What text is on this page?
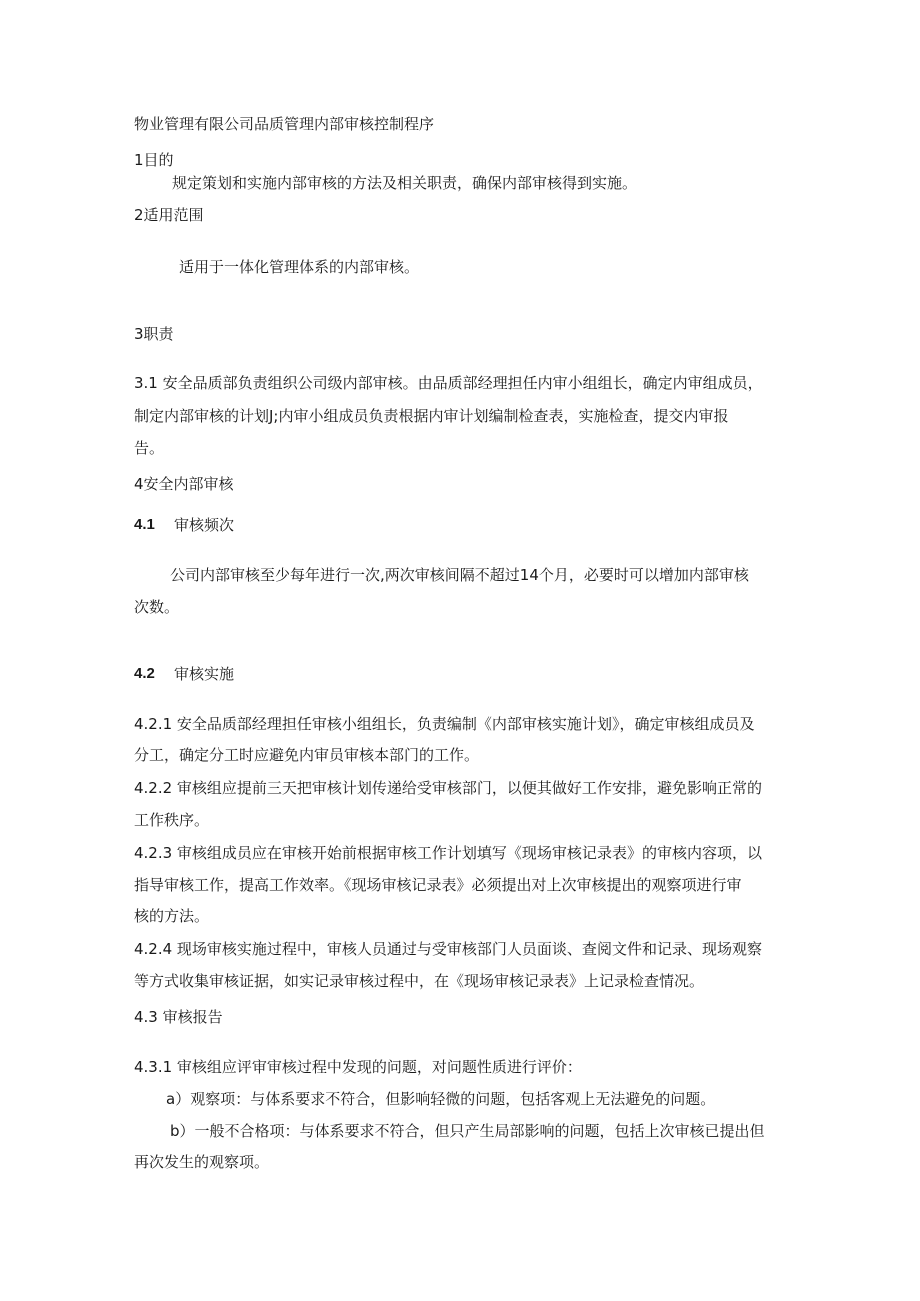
物业管理有限公司品质管理内部审核控制程序
1目的
规定策划和实施内部审核的方法及相关职责，确保内部审核得到实施。
2适用范围
适用于一体化管理体系的内部审核。
3职责
3.1 安全品质部负责组织公司级内部审核。由品质部经理担任内审小组组长，确定内审组成员，
制定内部审核的计划J;内审小组成员负责根据内审计划编制检查表，实施检查，提交内审报
告。
4安全内部审核
4.1 审核频次
公司内部审核至少每年进行一次,两次审核间隔不超过14个月，必要时可以增加内部审核
次数。
4.2 审核实施
4.2.1 安全品质部经理担任审核小组组长，负责编制《内部审核实施计划》，确定审核组成员及
分工，确定分工时应避免内审员审核本部门的工作。
4.2.2 审核组应提前三天把审核计划传递给受审核部门，以便其做好工作安排，避免影响正常的
工作秩序。
4.2.3 审核组成员应在审核开始前根据审核工作计划填写《现场审核记录表》的审核内容项，以
指导审核工作，提高工作效率。《现场审核记录表》必须提出对上次审核提出的观察项进行审
核的方法。
4.2.4 现场审核实施过程中，审核人员通过与受审核部门人员面谈、查阅文件和记录、现场观察
等方式收集审核证据，如实记录审核过程中，在《现场审核记录表》上记录检查情况。
4.3 审核报告
4.3.1 审核组应评审审核过程中发现的问题，对问题性质进行评价：
a）观察项：与体系要求不符合，但影响轻微的问题，包括客观上无法避免的问题。
b）一般不合格项：与体系要求不符合，但只产生局部影响的问题，包括上次审核已提出但
再次发生的观察项。
